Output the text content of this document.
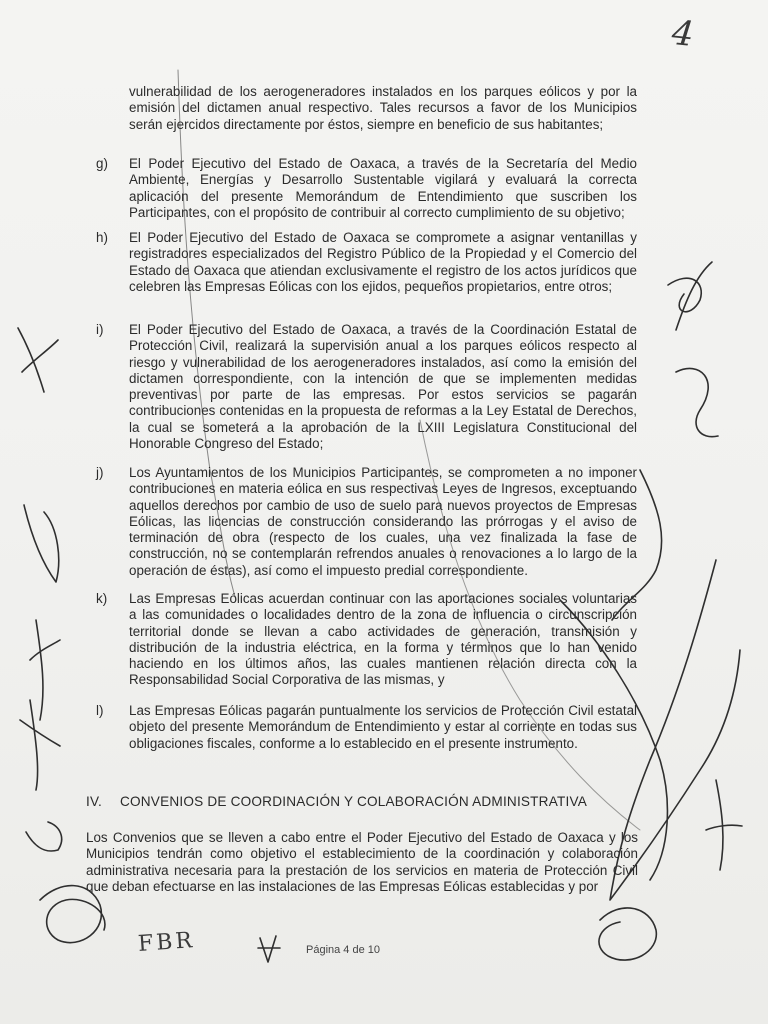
4
vulnerabilidad de los aerogeneradores instalados en los parques eólicos y por la emisión del dictamen anual respectivo. Tales recursos a favor de los Municipios serán ejercidos directamente por éstos, siempre en beneficio de sus habitantes;
g)	El Poder Ejecutivo del Estado de Oaxaca, a través de la Secretaría del Medio Ambiente, Energías y Desarrollo Sustentable vigilará y evaluará la correcta aplicación del presente Memorándum de Entendimiento que suscriben los Participantes, con el propósito de contribuir al correcto cumplimiento de su objetivo;
h)	El Poder Ejecutivo del Estado de Oaxaca se compromete a asignar ventanillas y registradores especializados del Registro Público de la Propiedad y el Comercio del Estado de Oaxaca que atiendan exclusivamente el registro de los actos jurídicos que celebren las Empresas Eólicas con los ejidos, pequeños propietarios, entre otros;
i)	El Poder Ejecutivo del Estado de Oaxaca, a través de la Coordinación Estatal de Protección Civil, realizará la supervisión anual a los parques eólicos respecto al riesgo y vulnerabilidad de los aerogeneradores instalados, así como la emisión del dictamen correspondiente, con la intención de que se implementen medidas preventivas por parte de las empresas. Por estos servicios se pagarán contribuciones contenidas en la propuesta de reformas a la Ley Estatal de Derechos, la cual se someterá a la aprobación de la LXIII Legislatura Constitucional del Honorable Congreso del Estado;
j)	Los Ayuntamientos de los Municipios Participantes, se comprometen a no imponer contribuciones en materia eólica en sus respectivas Leyes de Ingresos, exceptuando aquellos derechos por cambio de uso de suelo para nuevos proyectos de Empresas Eólicas, las licencias de construcción considerando las prórrogas y el aviso de terminación de obra (respecto de los cuales, una vez finalizada la fase de construcción, no se contemplarán refrendos anuales o renovaciones a lo largo de la operación de éstas), así como el impuesto predial correspondiente.
k)	Las Empresas Eólicas acuerdan continuar con las aportaciones sociales voluntarias a las comunidades o localidades dentro de la zona de influencia o circunscripción territorial donde se llevan a cabo actividades de generación, transmisión y distribución de la industria eléctrica, en la forma y términos que lo han venido haciendo en los últimos años, las cuales mantienen relación directa con la Responsabilidad Social Corporativa de las mismas, y
l)	Las Empresas Eólicas pagarán puntualmente los servicios de Protección Civil estatal objeto del presente Memorándum de Entendimiento y estar al corriente en todas sus obligaciones fiscales, conforme a lo establecido en el presente instrumento.
IV. CONVENIOS DE COORDINACIÓN Y COLABORACIÓN ADMINISTRATIVA
Los Convenios que se lleven a cabo entre el Poder Ejecutivo del Estado de Oaxaca y los Municipios tendrán como objetivo el establecimiento de la coordinación y colaboración administrativa necesaria para la prestación de los servicios en materia de Protección Civil que deban efectuarse en las instalaciones de las Empresas Eólicas establecidas y por
Página 4 de 10
FBR
